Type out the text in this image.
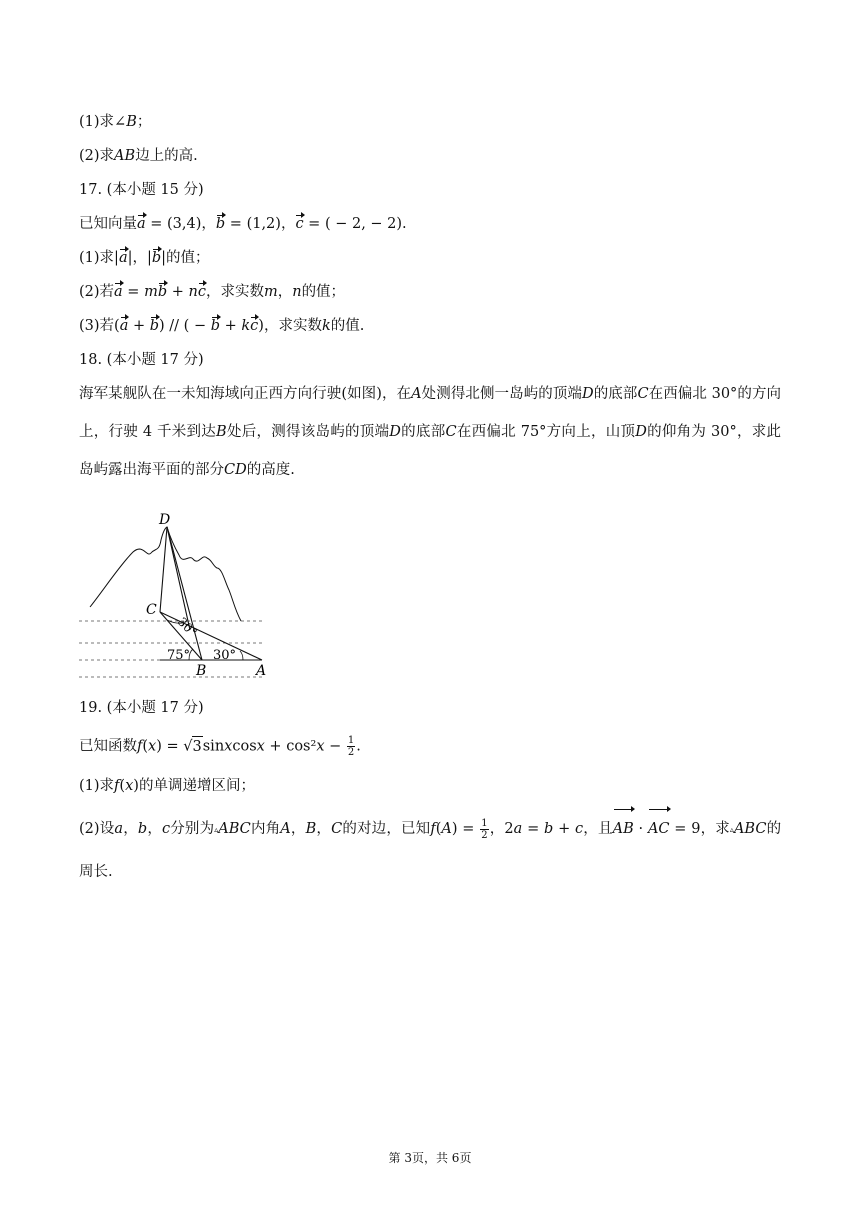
(1)求∠B；
(2)求AB边上的高.
17. (本小题 15 分)
已知向量a = (3,4)，b = (1,2)，c = ( − 2, − 2).
(1)求|a|，|b|的值；
(2)若a = mb + nc，求实数m，n的值；
(3)若(a + b) // ( − b + kc)，求实数k的值.
18. (本小题 17 分)
海军某舰队在一未知海域向正西方向行驶(如图)，在A处测得北侧一岛屿的顶端D的底部C在西偏北 30°的方向上，行驶 4 千米到达B处后，测得该岛屿的顶端D的底部C在西偏北 75°方向上，山顶D的仰角为 30°，求此岛屿露出海平面的部分CD的高度.
D
C
B	A
30°
75° 30°
19. (本小题 17 分)
已知函数f(x) = √3sinxcosx + $\cos^2x - \frac{1}{2}$ .
(1)求f(x)的单调递增区间；
(2)设a，b，c分别为▵ABC内角A，B，C的对边，已知$f(A) = \frac{1}{2}$ ，2a = b + c，且AB · AC = 9，求▵ABC的周长.
第 3页，共 6页
